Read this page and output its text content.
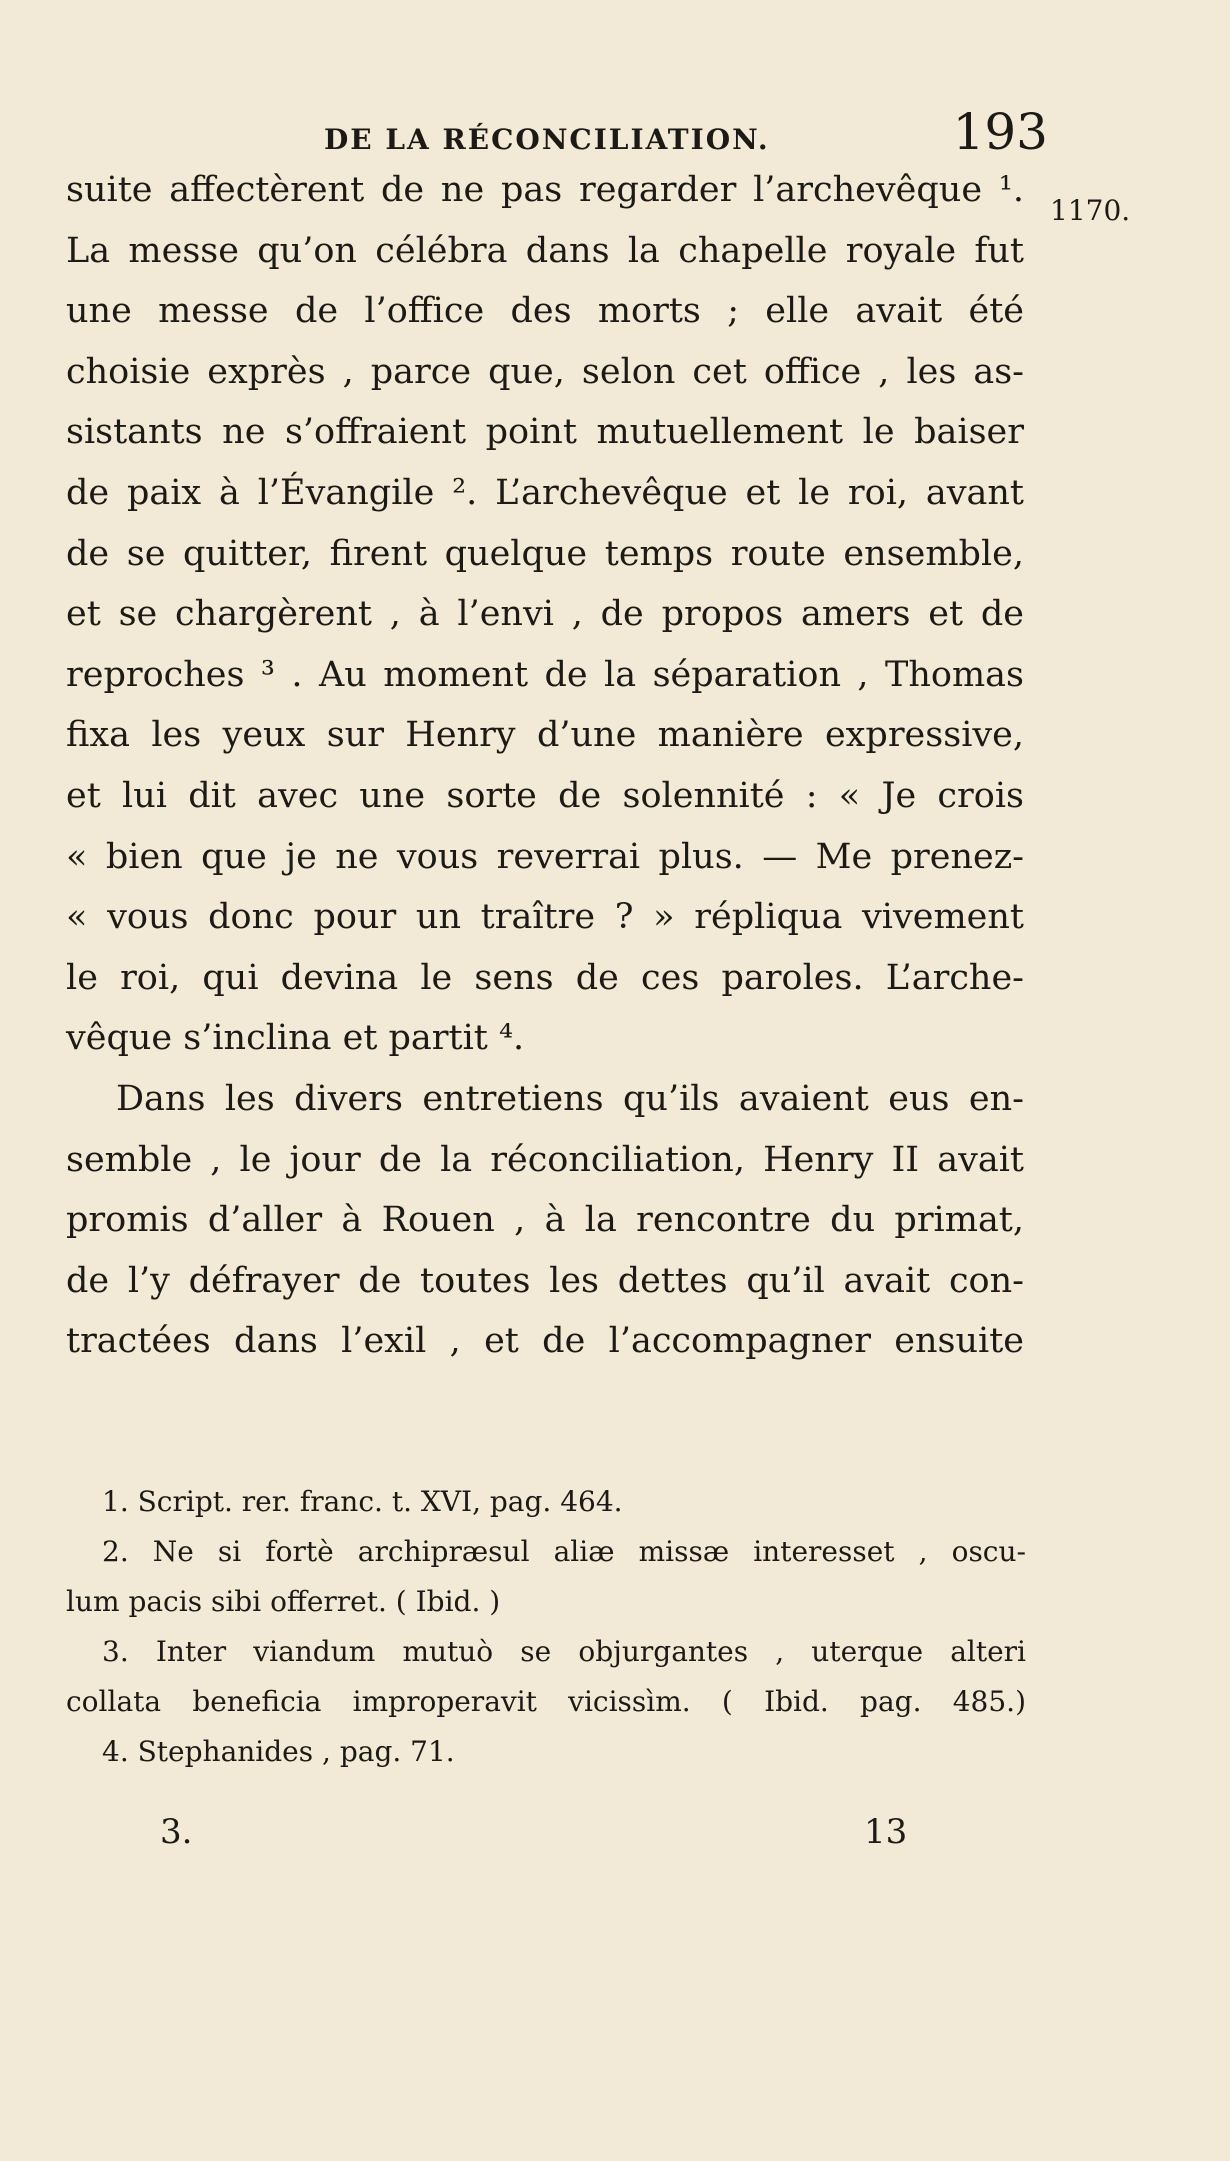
DE LA RÉCONCILIATION.	193
1170.
suite affectèrent de ne pas regarder l’archevêque ¹.
La messe qu’on célébra dans la chapelle royale fut
une messe de l’office des morts ; elle avait été
choisie exprès , parce que, selon cet office , les as-
sistants ne s’offraient point mutuellement le baiser
de paix à l’Évangile ². L’archevêque et le roi, avant
de se quitter, firent quelque temps route ensemble,
et se chargèrent , à l’envi , de propos amers et de
reproches ³ . Au moment de la séparation , Thomas
fixa les yeux sur Henry d’une manière expressive,
et lui dit avec une sorte de solennité : « Je crois
« bien que je ne vous reverrai plus. — Me prenez-
« vous donc pour un traître ? » répliqua vivement
le roi, qui devina le sens de ces paroles. L’arche-
vêque s’inclina et partit ⁴.
Dans les divers entretiens qu’ils avaient eus en-
semble , le jour de la réconciliation, Henry II avait
promis d’aller à Rouen , à la rencontre du primat,
de l’y défrayer de toutes les dettes qu’il avait con-
tractées dans l’exil , et de l’accompagner ensuite
1. Script. rer. franc. t. XVI, pag. 464.
2. Ne si fortè archipræsul aliæ missæ interesset , oscu-
lum pacis sibi offerret. ( Ibid. )
3. Inter viandum mutuò se objurgantes , uterque alteri
collata beneficia improperavit vicissìm. ( Ibid. pag. 485.)
4. Stephanides , pag. 71.
3.	13
